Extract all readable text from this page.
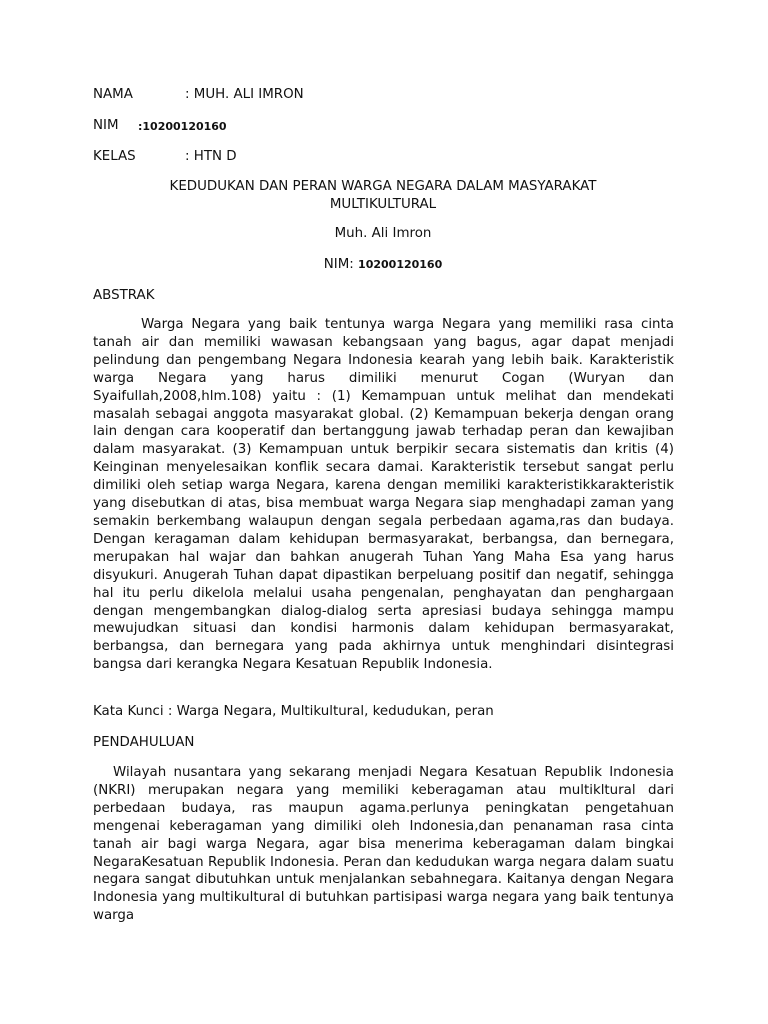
NAMA	: MUH. ALI IMRON
NIM :10200120160
KELAS	: HTN D
KEDUDUKAN DAN PERAN WARGA NEGARA DALAM MASYARAKAT MULTIKULTURAL
Muh. Ali Imron
NIM: 10200120160
ABSTRAK

Warga Negara yang baik tentunya warga Negara yang memiliki rasa cinta tanah air dan memiliki wawasan kebangsaan yang bagus, agar dapat menjadi pelindung dan pengembang Negara Indonesia kearah yang lebih baik. Karakteristik warga Negara yang harus dimiliki menurut Cogan (Wuryan dan Syaifullah,2008,hlm.108) yaitu : (1) Kemampuan untuk melihat dan mendekati masalah sebagai anggota masyarakat global. (2) Kemampuan bekerja dengan orang lain dengan cara kooperatif dan bertanggung jawab terhadap peran dan kewajiban dalam masyarakat. (3) Kemampuan untuk berpikir secara sistematis dan kritis (4) Keinginan menyelesaikan konflik secara damai. Karakteristik tersebut sangat perlu dimiliki oleh setiap warga Negara, karena dengan memiliki karakteristikkarakteristik yang disebutkan di atas, bisa membuat warga Negara siap menghadapi zaman yang semakin berkembang walaupun dengan segala perbedaan agama,ras dan budaya. Dengan keragaman dalam kehidupan bermasyarakat, berbangsa, dan bernegara, merupakan hal wajar dan bahkan anugerah Tuhan Yang Maha Esa yang harus disyukuri. Anugerah Tuhan dapat dipastikan berpeluang positif dan negatif, sehingga hal itu perlu dikelola melalui usaha pengenalan, penghayatan dan penghargaan dengan mengembangkan dialog-dialog serta apresiasi budaya sehingga mampu mewujudkan situasi dan kondisi harmonis dalam kehidupan bermasyarakat, berbangsa, dan bernegara yang pada akhirnya untuk menghindari disintegrasi bangsa dari kerangka Negara Kesatuan Republik Indonesia.

Kata Kunci : Warga Negara, Multikultural, kedudukan, peran
PENDAHULUAN

Wilayah nusantara yang sekarang menjadi Negara Kesatuan Republik Indonesia (NKRI) merupakan negara yang memiliki keberagaman atau multikltural dari perbedaan budaya, ras maupun agama.perlunya peningkatan pengetahuan mengenai keberagaman yang dimiliki oleh Indonesia,dan penanaman rasa cinta tanah air bagi warga Negara, agar bisa menerima keberagaman dalam bingkai NegaraKesatuan Republik Indonesia. Peran dan kedudukan warga negara dalam suatu negara sangat dibutuhkan untuk menjalankan sebahnegara. Kaitanya dengan Negara Indonesia yang multikultural di butuhkan partisipasi warga negara yang baik tentunya warga
